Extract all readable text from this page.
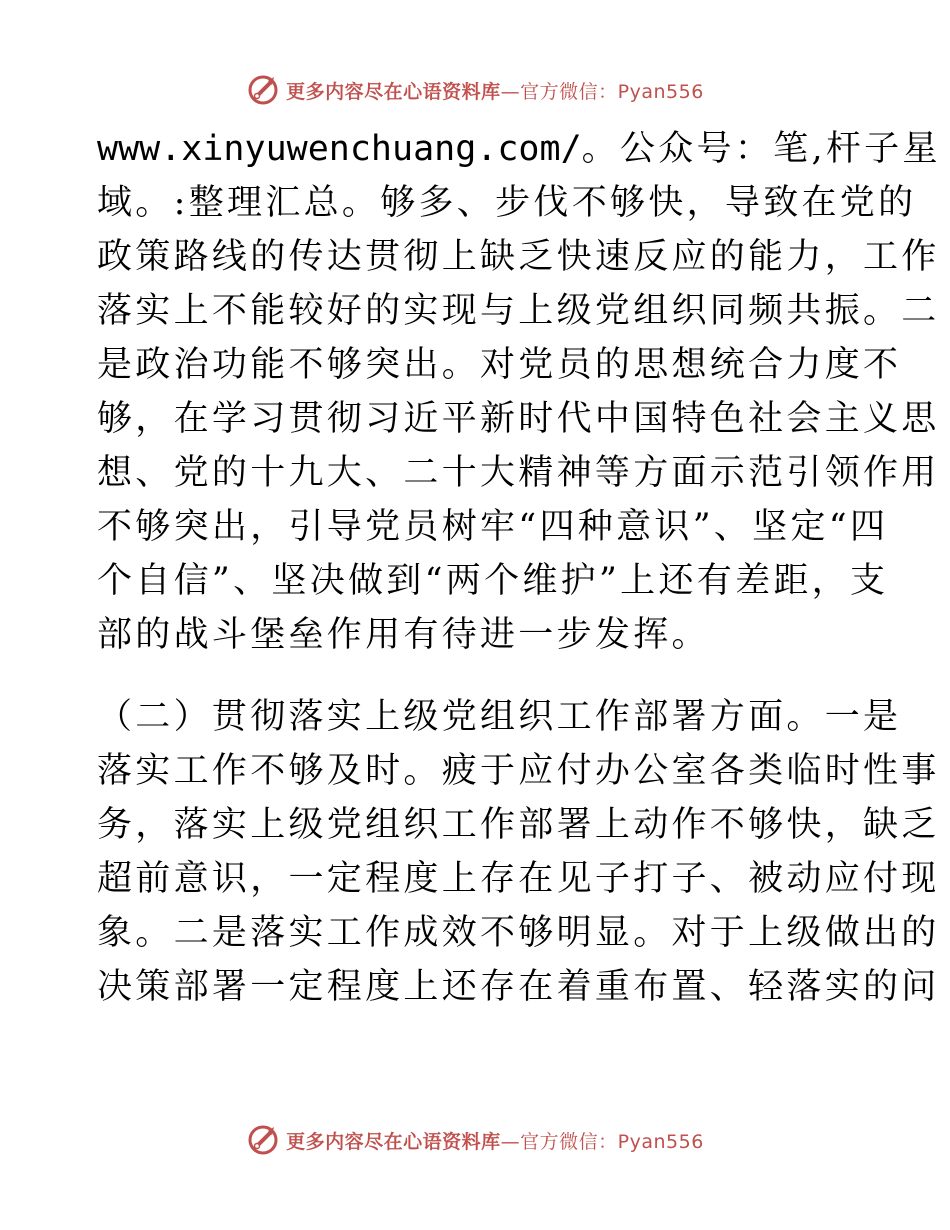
更多内容尽在心语资料库—官方微信：Pyan556
www.xinyuwenchuang.com/。公众号：笔,杆子星
域。:整理汇总。够多、步伐不够快，导致在党的
政策路线的传达贯彻上缺乏快速反应的能力，工作
落实上不能较好的实现与上级党组织同频共振。二
是政治功能不够突出。对党员的思想统合力度不
够，在学习贯彻习近平新时代中国特色社会主义思
想、党的十九大、二十大精神等方面示范引领作用
不够突出，引导党员树牢“四种意识”、坚定“四
个自信”、坚决做到“两个维护”上还有差距，支
部的战斗堡垒作用有待进一步发挥。
（二）贯彻落实上级党组织工作部署方面。一是
落实工作不够及时。疲于应付办公室各类临时性事
务，落实上级党组织工作部署上动作不够快，缺乏
超前意识，一定程度上存在见子打子、被动应付现
象。二是落实工作成效不够明显。对于上级做出的
决策部署一定程度上还存在着重布置、轻落实的问
更多内容尽在心语资料库—官方微信：Pyan556
